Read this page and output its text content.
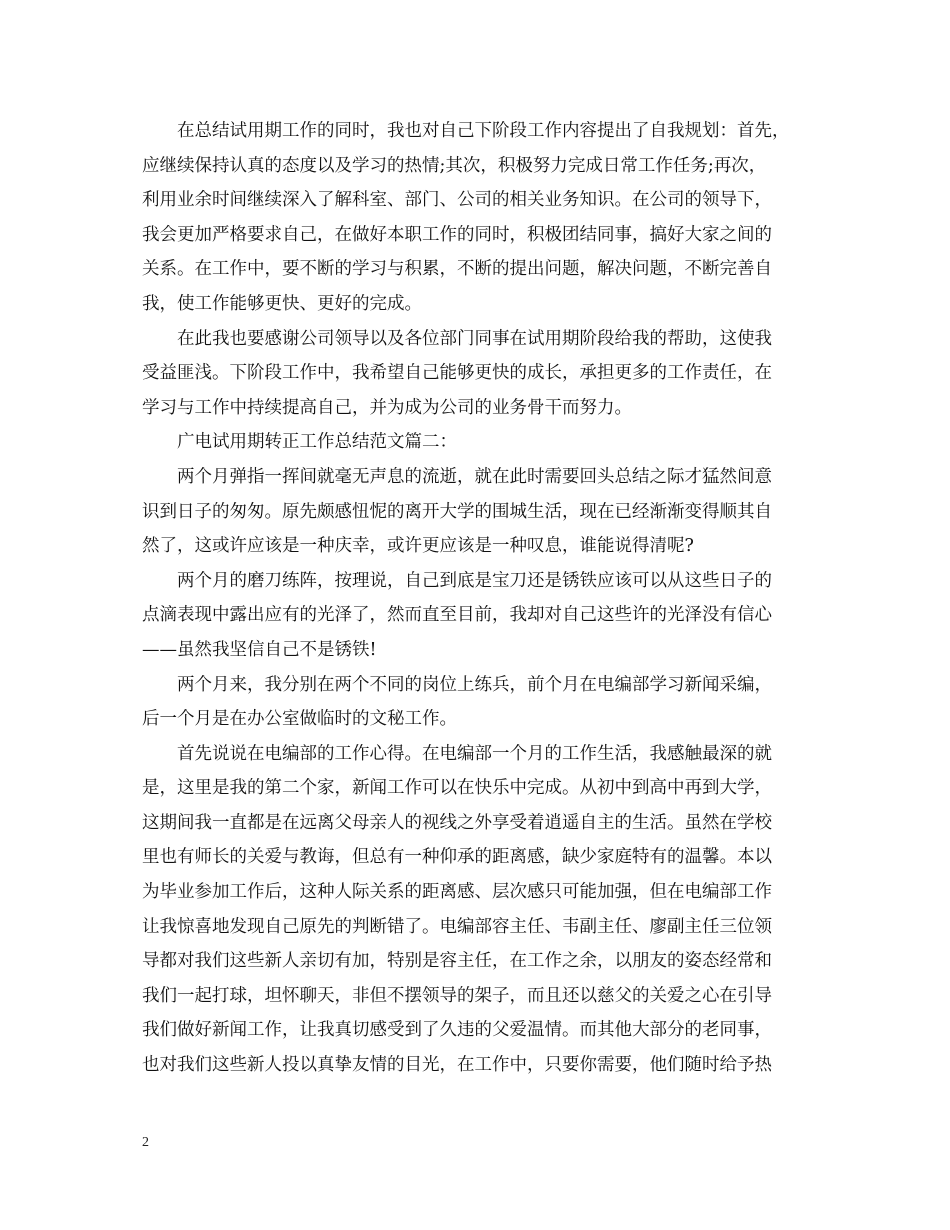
在总结试用期工作的同时，我也对自己下阶段工作内容提出了自我规划：首先，
应继续保持认真的态度以及学习的热情;其次，积极努力完成日常工作任务;再次，
利用业余时间继续深入了解科室、部门、公司的相关业务知识。在公司的领导下，
我会更加严格要求自己，在做好本职工作的同时，积极团结同事，搞好大家之间的
关系。在工作中，要不断的学习与积累，不断的提出问题，解决问题，不断完善自
我，使工作能够更快、更好的完成。
在此我也要感谢公司领导以及各位部门同事在试用期阶段给我的帮助，这使我
受益匪浅。下阶段工作中，我希望自己能够更快的成长，承担更多的工作责任，在
学习与工作中持续提高自己，并为成为公司的业务骨干而努力。
广电试用期转正工作总结范文篇二：
两个月弹指一挥间就毫无声息的流逝，就在此时需要回头总结之际才猛然间意
识到日子的匆匆。原先颇感忸怩的离开大学的围城生活，现在已经渐渐变得顺其自
然了，这或许应该是一种庆幸，或许更应该是一种叹息，谁能说得清呢?
两个月的磨刀练阵，按理说，自己到底是宝刀还是锈铁应该可以从这些日子的
点滴表现中露出应有的光泽了，然而直至目前，我却对自己这些许的光泽没有信心
——虽然我坚信自己不是锈铁!
两个月来，我分别在两个不同的岗位上练兵，前个月在电编部学习新闻采编，
后一个月是在办公室做临时的文秘工作。
首先说说在电编部的工作心得。在电编部一个月的工作生活，我感触最深的就
是，这里是我的第二个家，新闻工作可以在快乐中完成。从初中到高中再到大学，
这期间我一直都是在远离父母亲人的视线之外享受着逍遥自主的生活。虽然在学校
里也有师长的关爱与教诲，但总有一种仰承的距离感，缺少家庭特有的温馨。本以
为毕业参加工作后，这种人际关系的距离感、层次感只可能加强，但在电编部工作
让我惊喜地发现自己原先的判断错了。电编部容主任、韦副主任、廖副主任三位领
导都对我们这些新人亲切有加，特别是容主任，在工作之余，以朋友的姿态经常和
我们一起打球，坦怀聊天，非但不摆领导的架子，而且还以慈父的关爱之心在引导
我们做好新闻工作，让我真切感受到了久违的父爱温情。而其他大部分的老同事，
也对我们这些新人投以真挚友情的目光，在工作中，只要你需要，他们随时给予热
2
